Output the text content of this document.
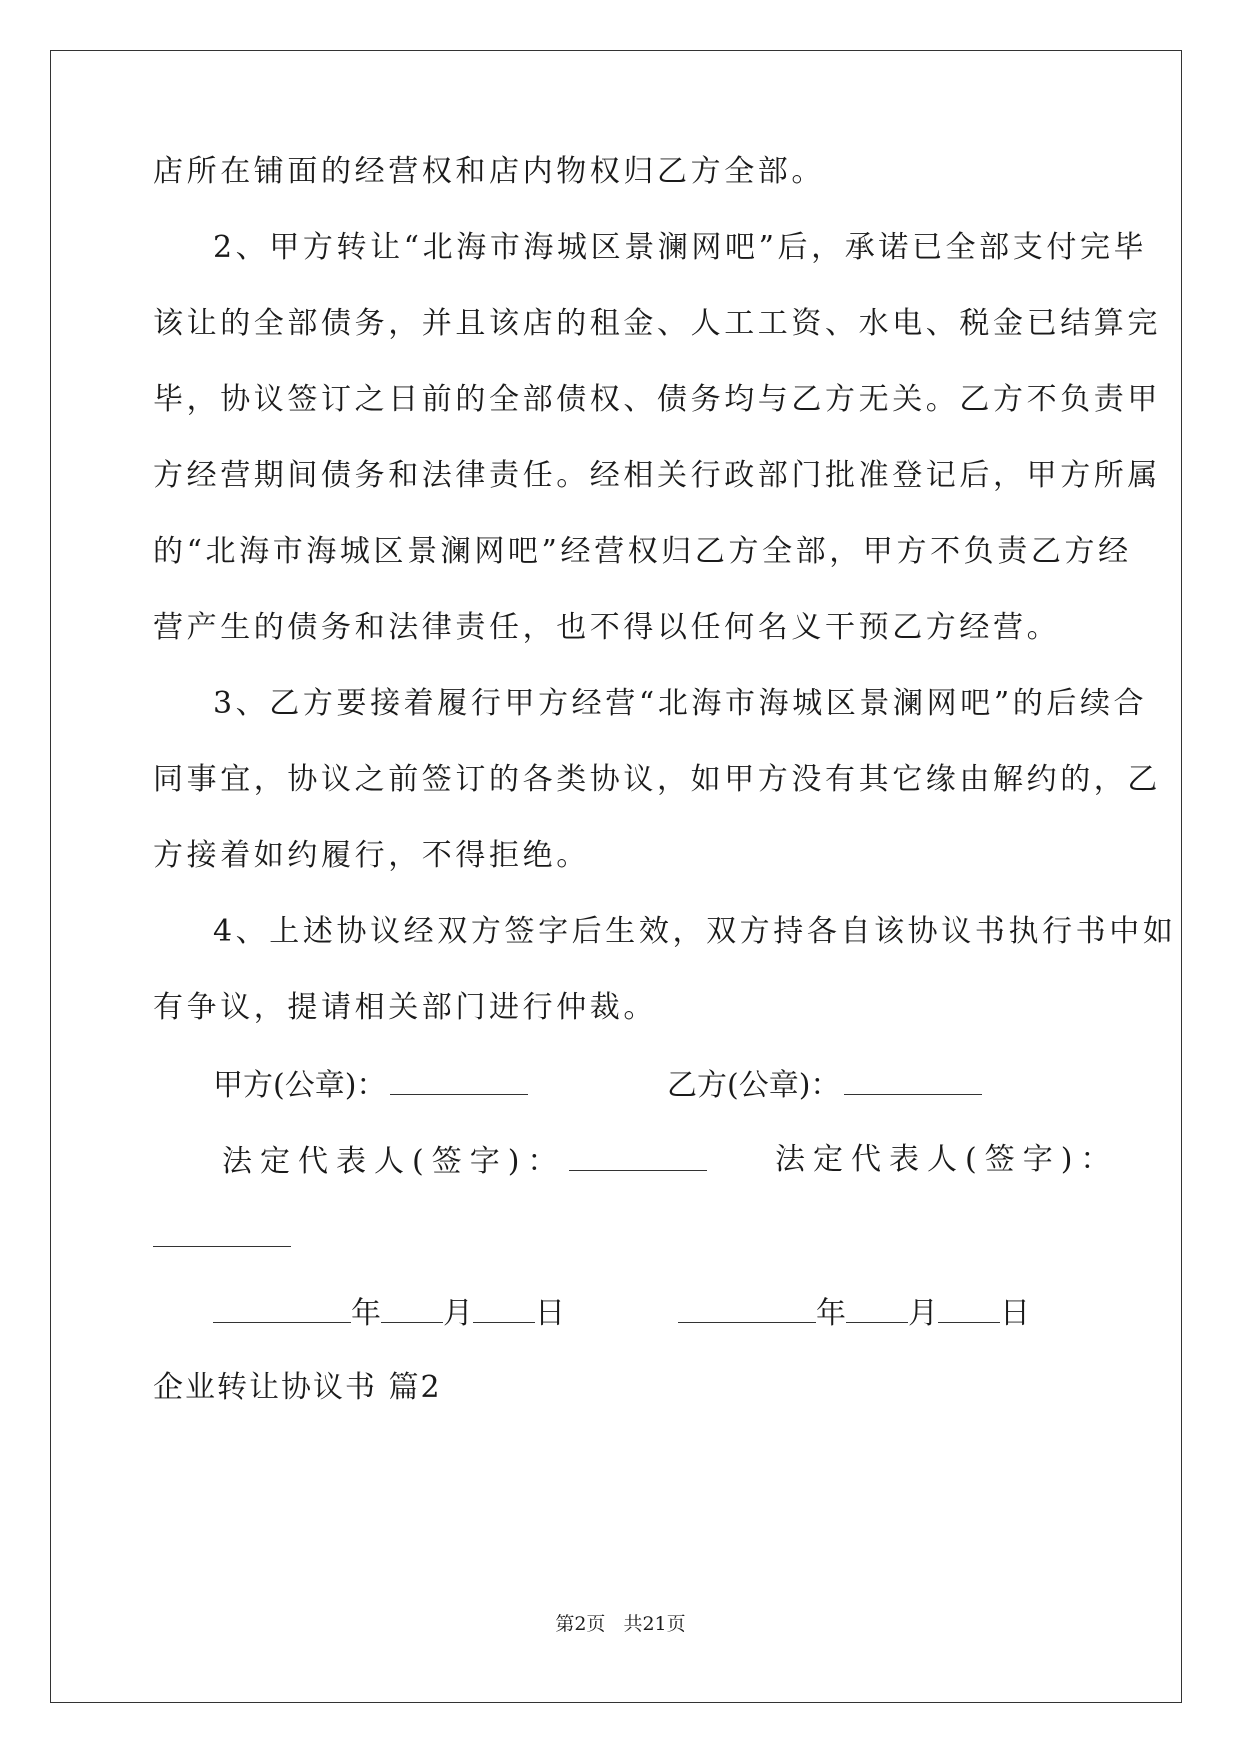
店所在铺面的经营权和店内物权归乙方全部。
2、甲方转让“北海市海城区景澜网吧”后，承诺已全部支付完毕
该让的全部债务，并且该店的租金、人工工资、水电、税金已结算完
毕，协议签订之日前的全部债权、债务均与乙方无关。乙方不负责甲
方经营期间债务和法律责任。经相关行政部门批准登记后，甲方所属
的“北海市海城区景澜网吧”经营权归乙方全部，甲方不负责乙方经
营产生的债务和法律责任，也不得以任何名义干预乙方经营。
3、乙方要接着履行甲方经营“北海市海城区景澜网吧”的后续合
同事宜，协议之前签订的各类协议，如甲方没有其它缘由解约的，乙
方接着如约履行，不得拒绝。
4、上述协议经双方签字后生效，双方持各自该协议书执行书中如
有争议，提请相关部门进行仲裁。
甲方(公章)：	乙方(公章)：
法定代表人(签字)：	法定代表人(签字)：
年 月 日	年 月 日
企业转让协议书 篇2
第2页 共21页
